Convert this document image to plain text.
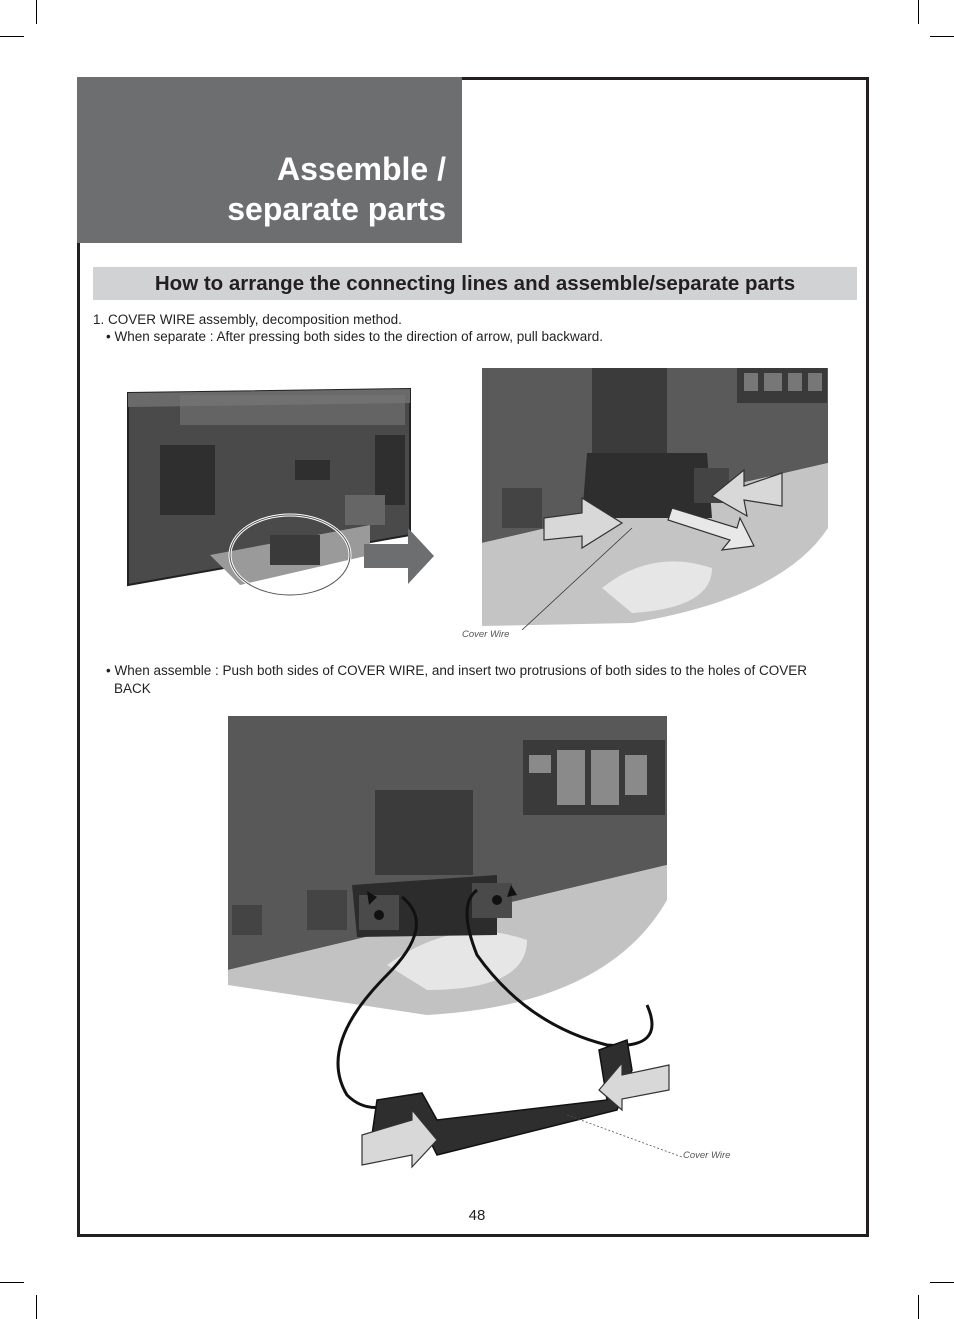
Assemble /
separate parts
How to arrange the connecting lines and assemble/separate parts
1. COVER WIRE assembly, decomposition method.
• When separate : After pressing both sides to the direction of arrow, pull backward.
Cover Wire
• When assemble : Push both sides of COVER WIRE, and insert two protrusions of both sides to the holes of COVER
BACK
Cover Wire
48
